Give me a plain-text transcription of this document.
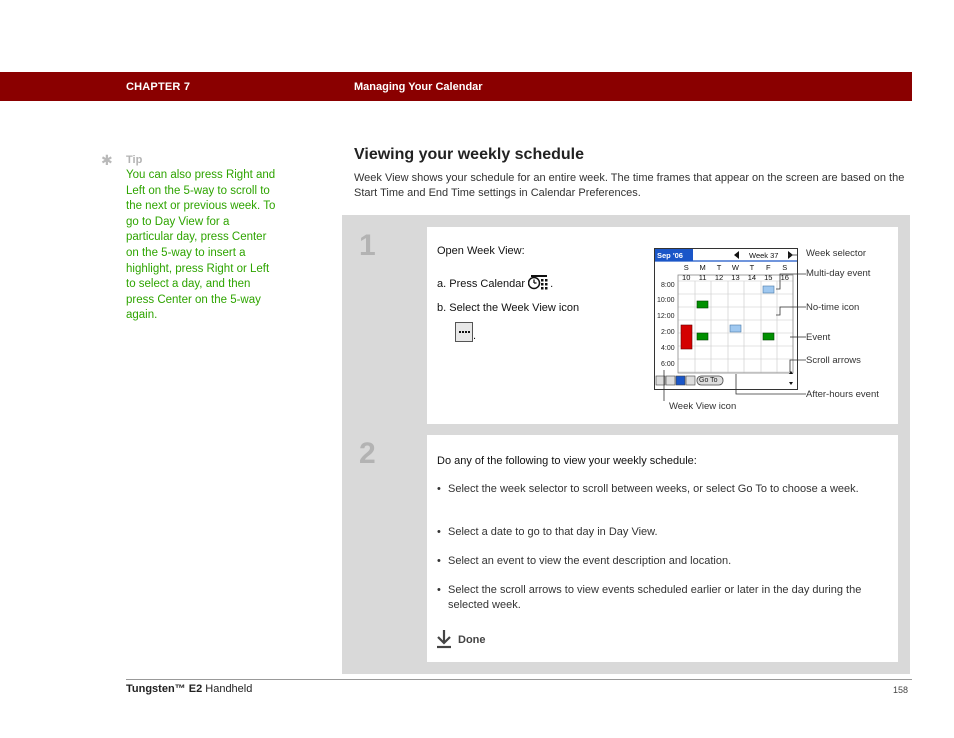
CHAPTER 7	Managing Your Calendar
✱ Tip
You can also press Right and Left on the 5-way to scroll to the next or previous week. To go to Day View for a particular day, press Center on the 5-way to insert a highlight, press Right or Left to select a day, and then press Center on the 5-way again.
Viewing your weekly schedule
Week View shows your schedule for an entire week. The time frames that appear on the screen are based on the Start Time and End Time settings in Calendar Preferences.
1	Open Week View:
a. Press Calendar .
b. Select the Week View icon
.
Sep '06	Week 37
S	M	T	W	T	F	S
10	11	12	13	14	15	16
8:00
10:00
12:00
2:00
4:00
6:00
Go To
Week selector
Multi-day event
No-time icon
Event
Scroll arrows
After-hours event
Week View icon
2	Do any of the following to view your weekly schedule:
• Select the week selector to scroll between weeks, or select Go To to choose a week.
• Select a date to go to that day in Day View.
• Select an event to view the event description and location.
• Select the scroll arrows to view events scheduled earlier or later in the day during the selected week.
Done
Tungsten™ E2 Handheld	158
